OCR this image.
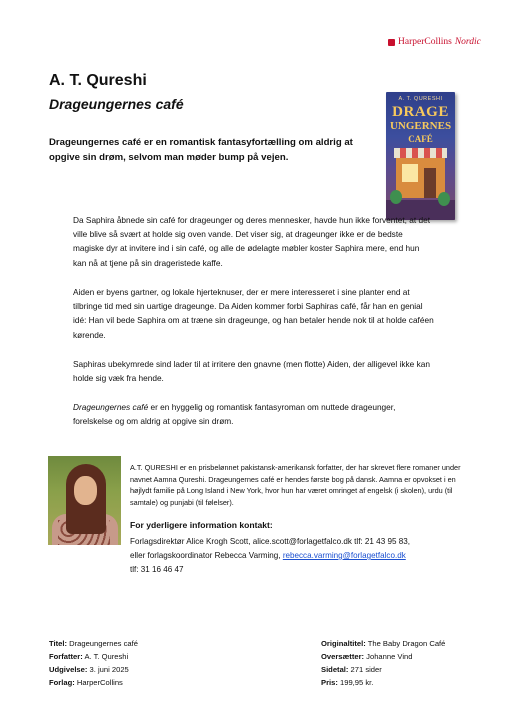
HarperCollins Nordic
A. T. Qureshi
Drageungernes café
Drageungernes café er en romantisk fantasyfortælling om aldrig at opgive sin drøm, selvom man møder bump på vejen.
A. T. QURESHI
DRAGE
UNGERNES
CAFÉ
Da Saphira åbnede sin café for drageunger og deres mennesker, havde hun ikke forventet, at det ville blive så svært at holde sig oven vande. Det viser sig, at drageunger ikke er de bedste magiske dyr at invitere ind i sin café, og alle de ødelagte møbler koster Saphira mere, end hun kan nå at tjene på sin drageristede kaffe.
Aiden er byens gartner, og lokale hjerteknuser, der er mere interesseret i sine planter end at tilbringe tid med sin uartige drageunge. Da Aiden kommer forbi Saphiras café, får han en genial idé: Han vil bede Saphira om at træne sin drageunge, og han betaler hende nok til at holde caféen kørende.
Saphiras ubekymrede sind lader til at irritere den gnavne (men flotte) Aiden, der alligevel ikke kan holde sig væk fra hende.
Drageungernes café er en hyggelig og romantisk fantasyroman om nuttede drageunger, forelskelse og om aldrig at opgive sin drøm.
A.T. QURESHI er en prisbelønnet pakistansk-amerikansk forfatter, der har skrevet flere romaner under navnet Aamna Qureshi. Drageungernes café er hendes første bog på dansk. Aamna er opvokset i en højlydt familie på Long Island i New York, hvor hun har været omringet af engelsk (i skolen), urdu (til samtale) og punjabi (til følelser).
For yderligere information kontakt:
Forlagsdirektør Alice Krogh Scott, alice.scott@forlagetfalco.dk tlf: 21 43 95 83,
eller forlagskoordinator Rebecca Varming, rebecca.varming@forlagetfalco.dk
tlf: 31 16 46 47
Titel: Drageungernes café
Forfatter: A. T. Qureshi
Udgivelse: 3. juni 2025
Forlag: HarperCollins
Originaltitel: The Baby Dragon Café
Oversætter: Johanne Vind
Sidetal: 271 sider
Pris: 199,95 kr.
